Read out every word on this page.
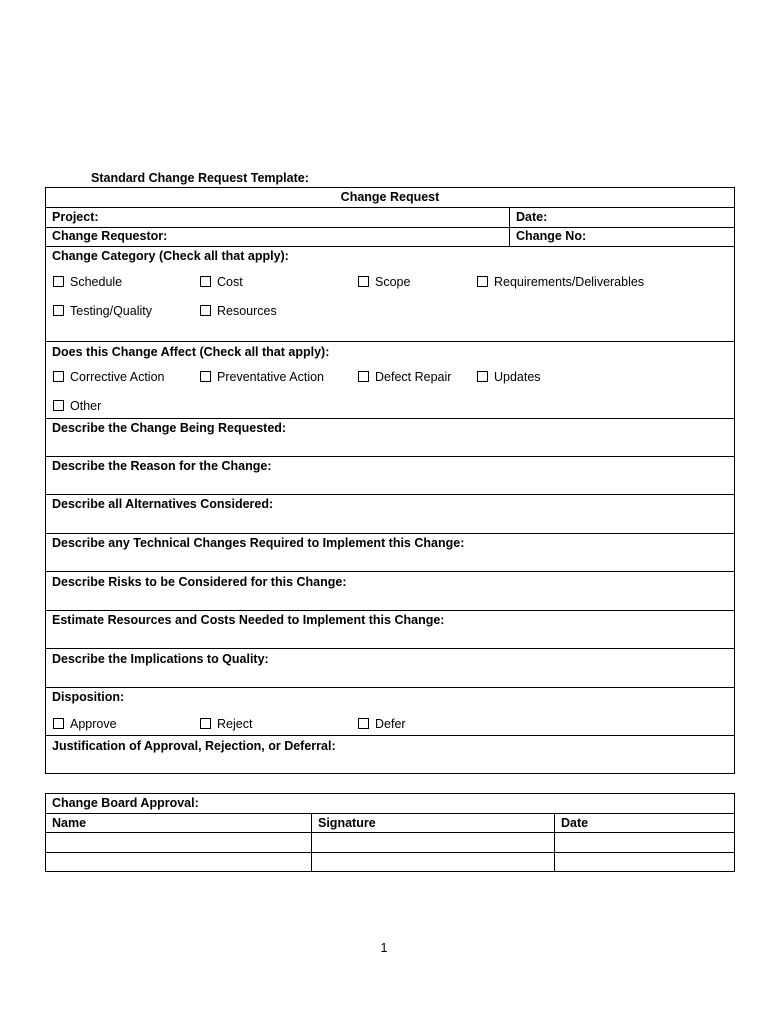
Standard Change Request Template:
Change Request
Project:	Date:
Change Requestor:	Change No:
Change Category (Check all that apply):
Schedule	Cost	Scope	Requirements/Deliverables
Testing/Quality	Resources
Does this Change Affect (Check all that apply):
Corrective Action	Preventative Action	Defect Repair	Updates
Other
Describe the Change Being Requested:
Describe the Reason for the Change:
Describe all Alternatives Considered:
Describe any Technical Changes Required to Implement this Change:
Describe Risks to be Considered for this Change:
Estimate Resources and Costs Needed to Implement this Change:
Describe the Implications to Quality:
Disposition:
Approve	Reject	Defer
Justification of Approval, Rejection, or Deferral:
Change Board Approval:
Name	Signature	Date
1
